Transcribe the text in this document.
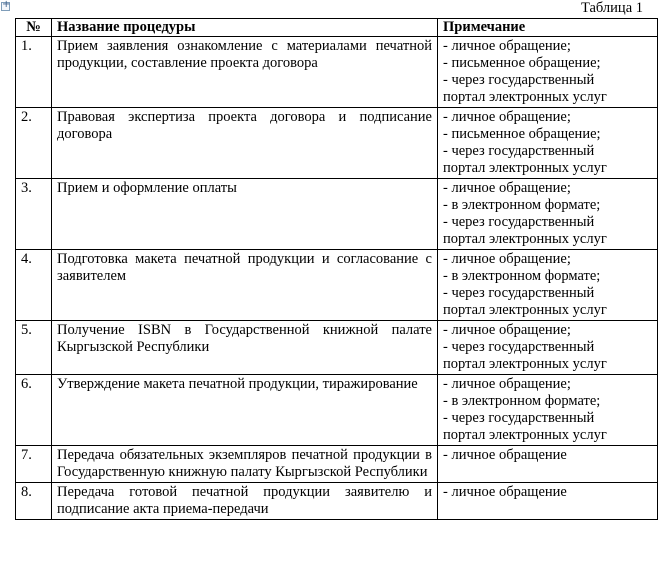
+
Таблица 1
№	Название процедуры	Примечание
1.	Прием заявления ознакомление с материалами печатной продукции, составление проекта договора	- личное обращение;
- письменное обращение;
- через государственный
портал электронных услуг

2.	Правовая экспертиза проекта договора и подписание договора	- личное обращение;
- письменное обращение;
- через государственный
портал электронных услуг

3.	Прием и оформление оплаты	- личное обращение;
- в электронном формате;
- через государственный
портал электронных услуг

4.	Подготовка макета печатной продукции и согласование с заявителем	- личное обращение;
- в электронном формате;
- через государственный
портал электронных услуг

5.	Получение ISBN в Государственной книжной палате Кыргызской Республики	- личное обращение;
- через государственный
портал электронных услуг

6.	Утверждение макета печатной продукции, тиражирование	- личное обращение;
- в электронном формате;
- через государственный
портал электронных услуг

7.	Передача обязательных экземпляров печатной продукции в Государственную книжную палату Кыргызской Республики	- личное обращение

8.	Передача готовой печатной продукции заявителю и подписание акта приема-передачи	- личное обращение
